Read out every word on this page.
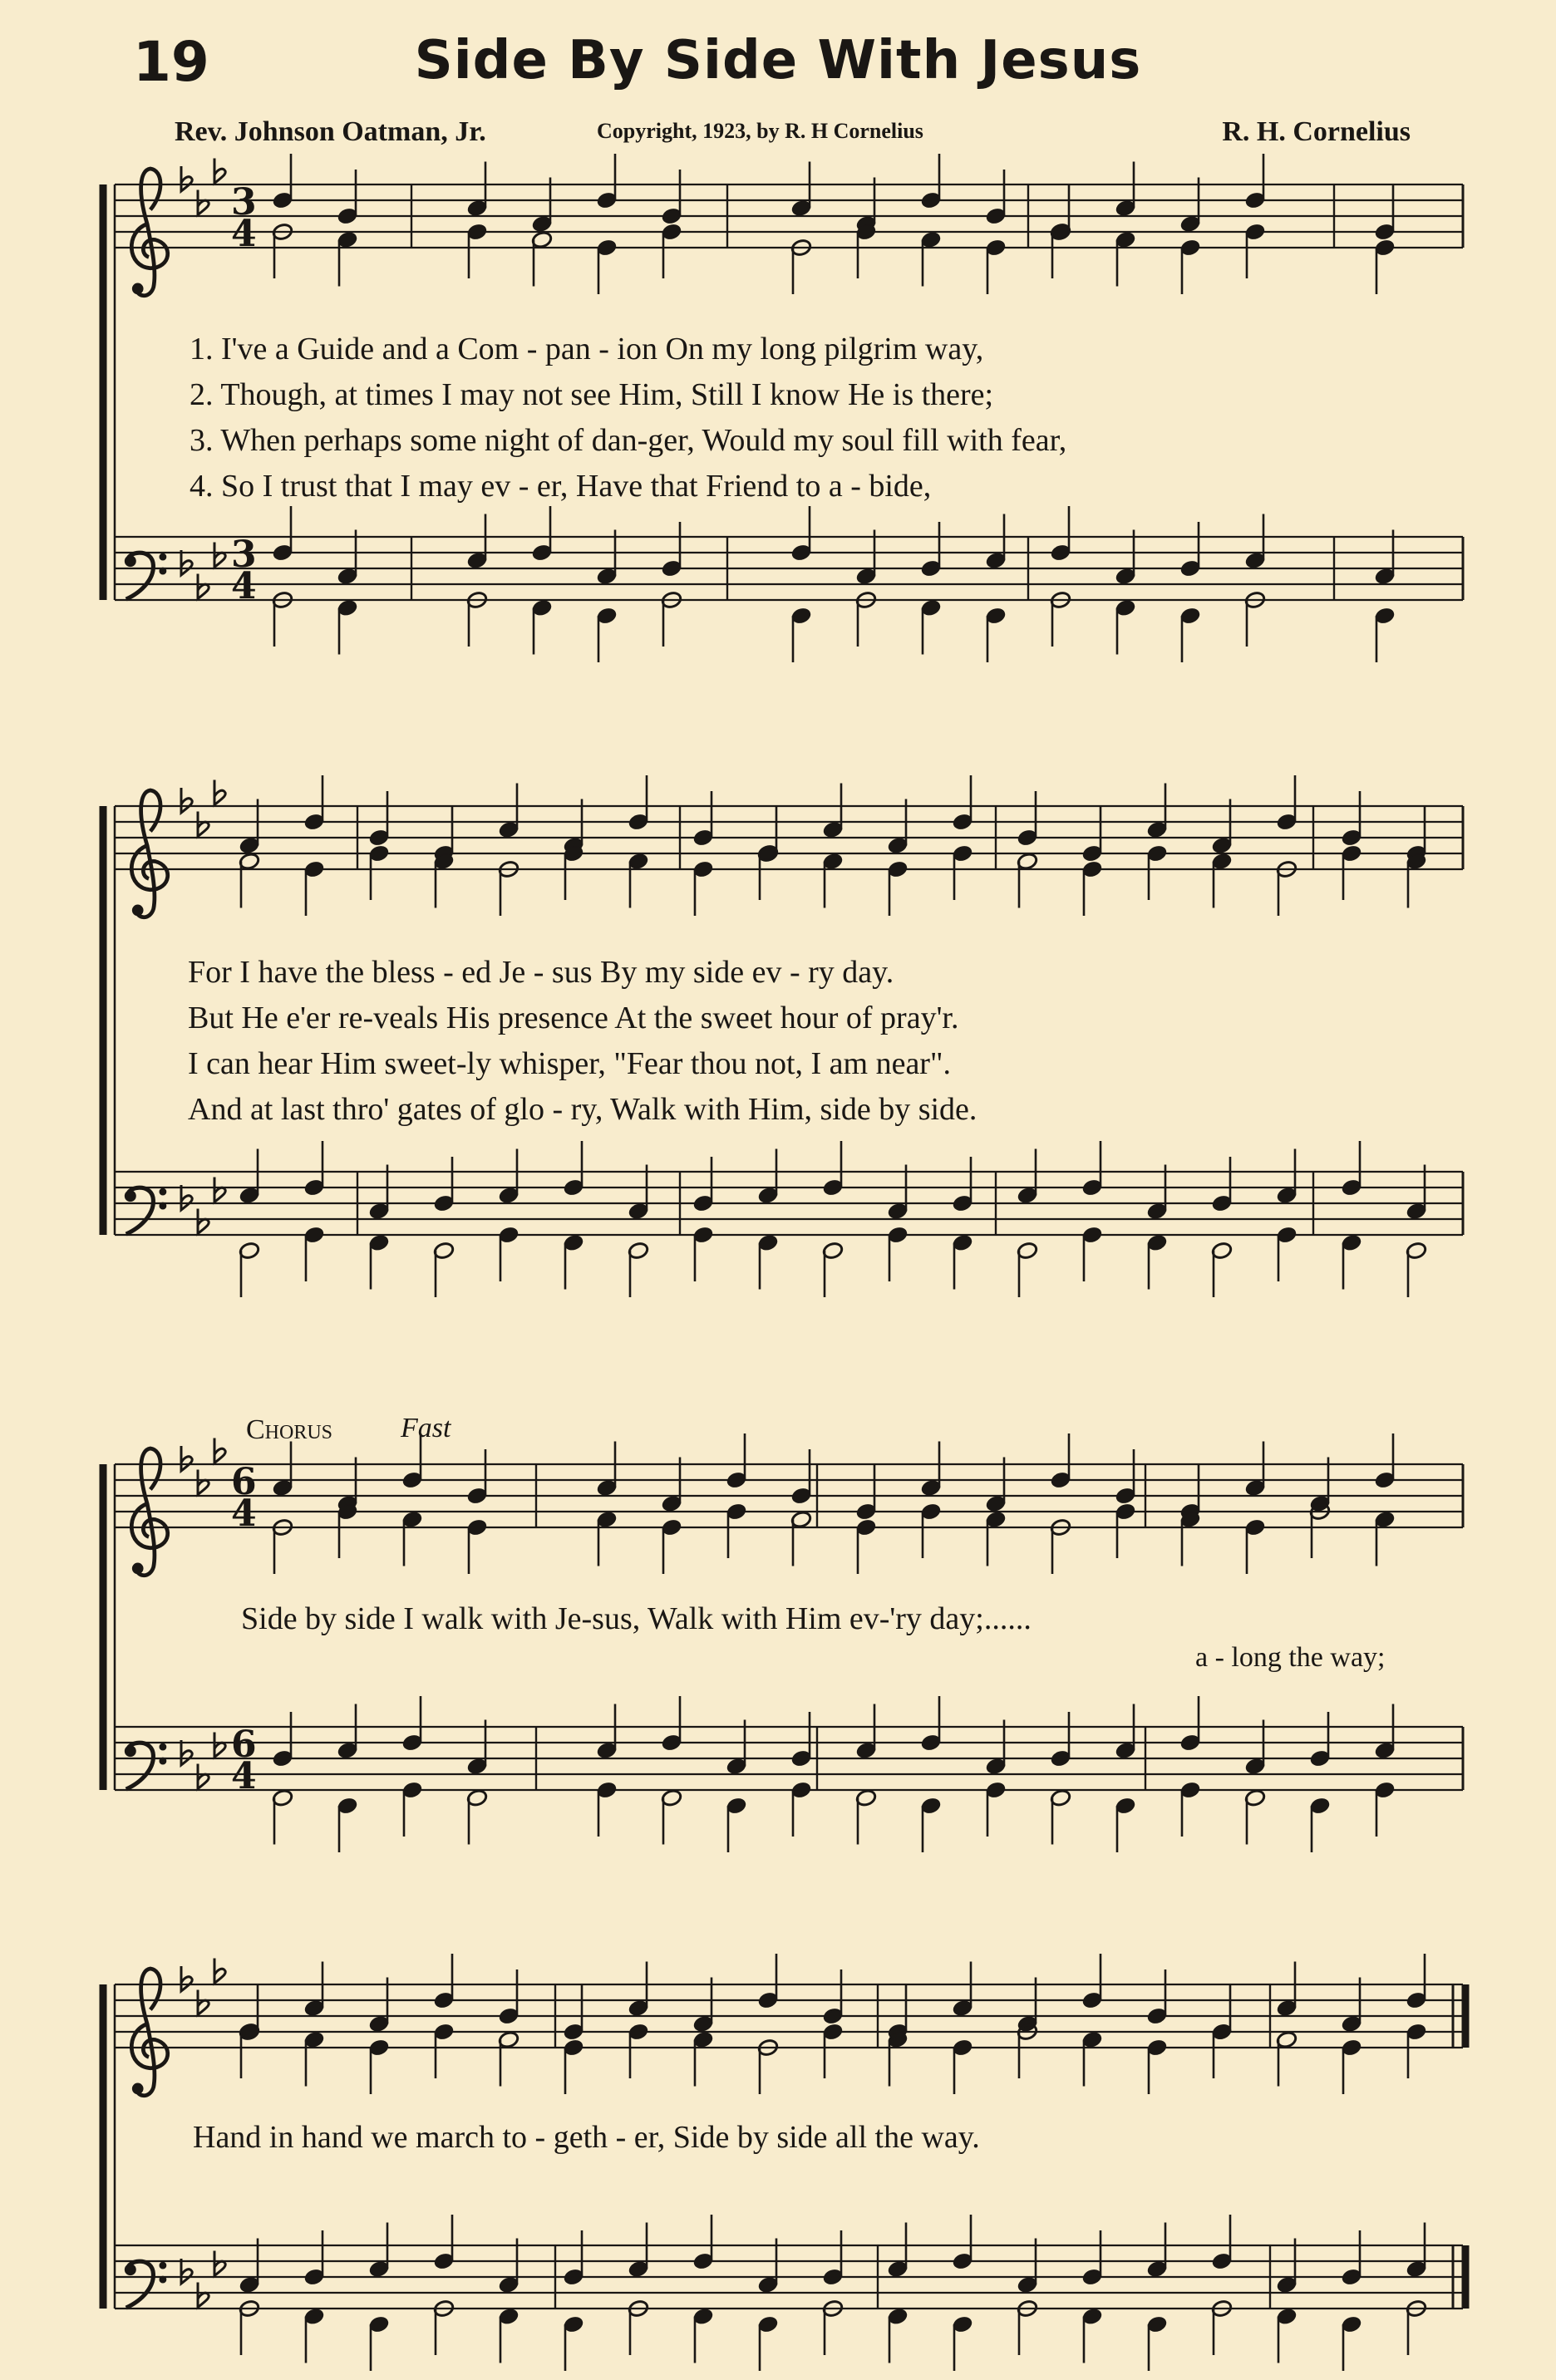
19	Side By Side With Jesus
Rev. Johnson Oatman, Jr.	Copyright, 1923, by R. H Cornelius	R. H. Cornelius
3
4
3
4
6
4
6
4
1. I've a Guide and a Com - pan - ion On my long pilgrim way,
2. Though, at times I may not see Him, Still I know He is there;
3. When perhaps some night of dan-ger, Would my soul fill with fear,
4. So I trust that I may ev - er, Have that Friend to a - bide,
For I have the bless - ed Je - sus By my side ev - ry day.
But He e'er re-veals His presence At the sweet hour of pray'r.
I can hear Him sweet-ly whisper, "Fear thou not, I am near".
And at last thro' gates of glo - ry, Walk with Him, side by side.
Chorus Fast
Side by side I walk with Je-sus, Walk with Him ev-'ry day;......
a - long the way;
Hand in hand we march to - geth - er, Side by side all the way.
